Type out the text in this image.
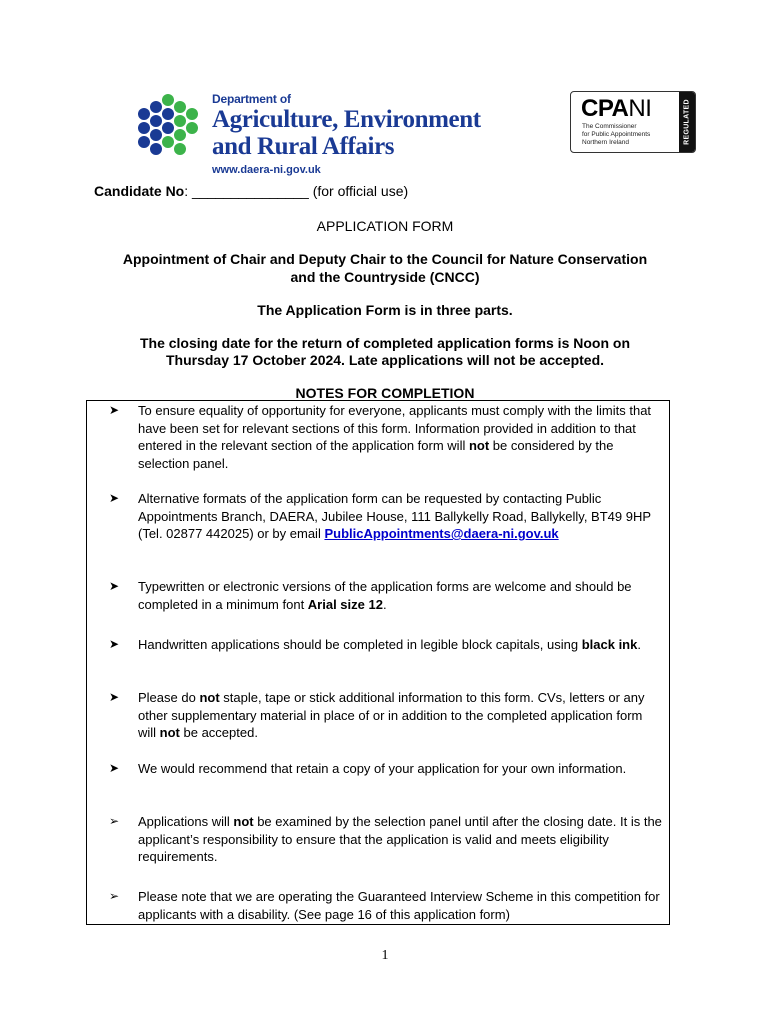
Department of
Agriculture, Environment
and Rural Affairs
www.daera-ni.gov.uk
CPANI
The Commissioner
for Public Appointments
Northern Ireland	REGULATED
Candidate No: _______________ (for official use)
APPLICATION FORM
Appointment of Chair and Deputy Chair to the Council for Nature Conservation
and the Countryside (CNCC)
The Application Form is in three parts.
The closing date for the return of completed application forms is Noon on
Thursday 17 October 2024. Late applications will not be accepted.
NOTES FOR COMPLETION
➤ To ensure equality of opportunity for everyone, applicants must comply with the limits that have been set for relevant sections of this form. Information provided in addition to that entered in the relevant section of the application form will not be considered by the selection panel.
➤ Alternative formats of the application form can be requested by contacting Public Appointments Branch, DAERA, Jubilee House, 111 Ballykelly Road, Ballykelly, BT49 9HP (Tel. 02877 442025) or by email PublicAppointments@daera-ni.gov.uk
➤ Typewritten or electronic versions of the application forms are welcome and should be completed in a minimum font Arial size 12.
➤ Handwritten applications should be completed in legible block capitals, using black ink.
➤ Please do not staple, tape or stick additional information to this form. CVs, letters or any other supplementary material in place of or in addition to the completed application form will not be accepted.
➤ We would recommend that retain a copy of your application for your own information.
➢ Applications will not be examined by the selection panel until after the closing date. It is the applicant’s responsibility to ensure that the application is valid and meets eligibility requirements.
➢ Please note that we are operating the Guaranteed Interview Scheme in this competition for applicants with a disability. (See page 16 of this application form)
1
